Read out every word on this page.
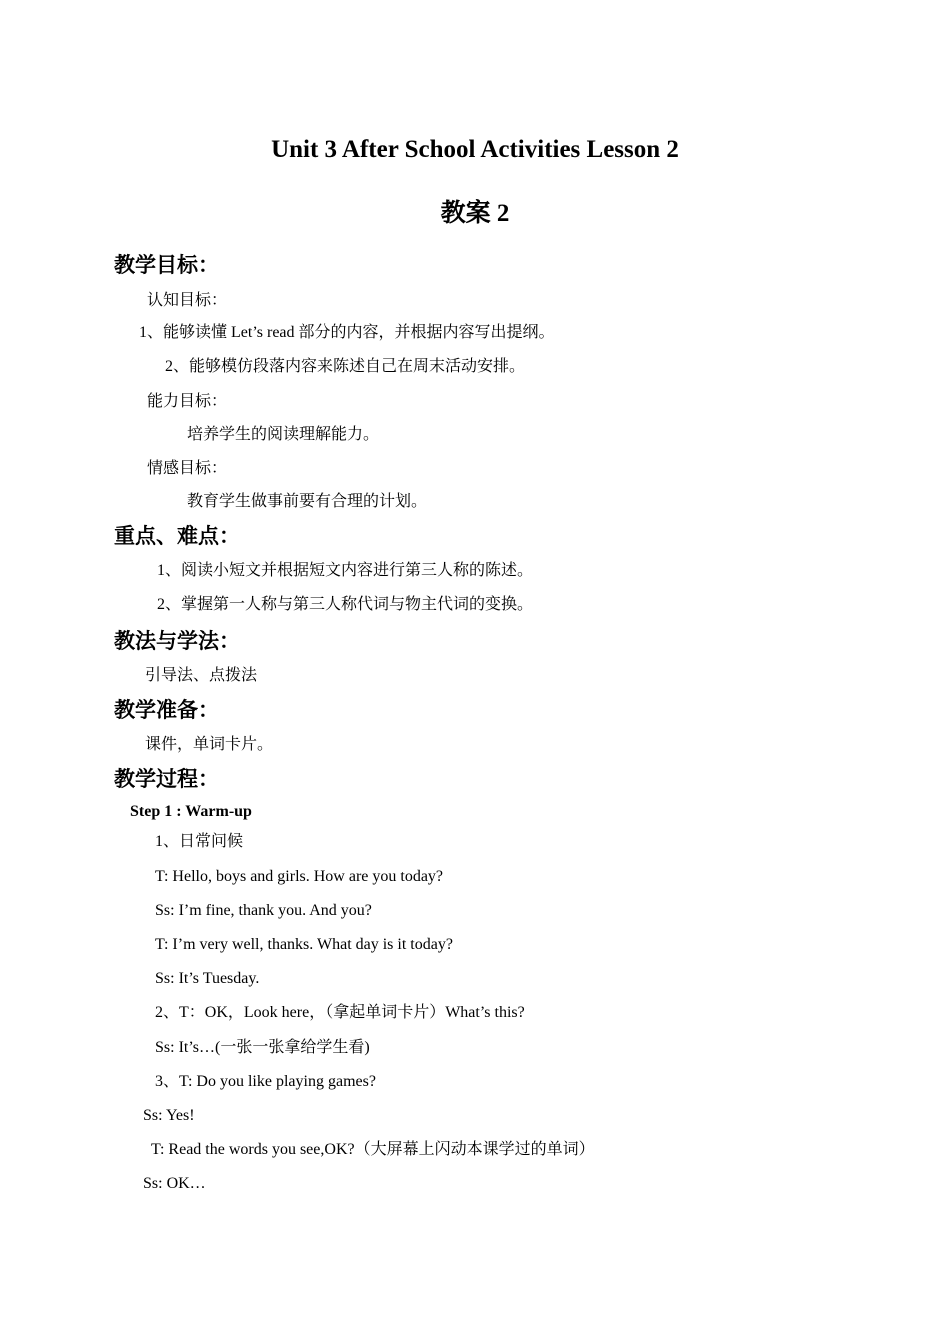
Unit 3 After School Activities Lesson 2
教案 2
教学目标：
认知目标：
1、能够读懂 Let’s read 部分的内容，并根据内容写出提纲。
2、能够模仿段落内容来陈述自己在周末活动安排。
能力目标：
培养学生的阅读理解能力。
情感目标：
教育学生做事前要有合理的计划。
重点、难点：
1、阅读小短文并根据短文内容进行第三人称的陈述。
2、掌握第一人称与第三人称代词与物主代词的变换。
教法与学法：
引导法、点拨法
教学准备：
课件，单词卡片。
教学过程：
Step 1 : Warm-up
1、日常问候
T: Hello, boys and girls. How are you today?
Ss: I’m fine, thank you. And you?
T: I’m very well, thanks. What day is it today?
Ss: It’s Tuesday.
2、T：OK，Look here，（拿起单词卡片）What’s this?
Ss: It’s…(一张一张拿给学生看)
3、T: Do you like playing games?
Ss: Yes!
T: Read the words you see,OK?（大屏幕上闪动本课学过的单词）
Ss: OK…
